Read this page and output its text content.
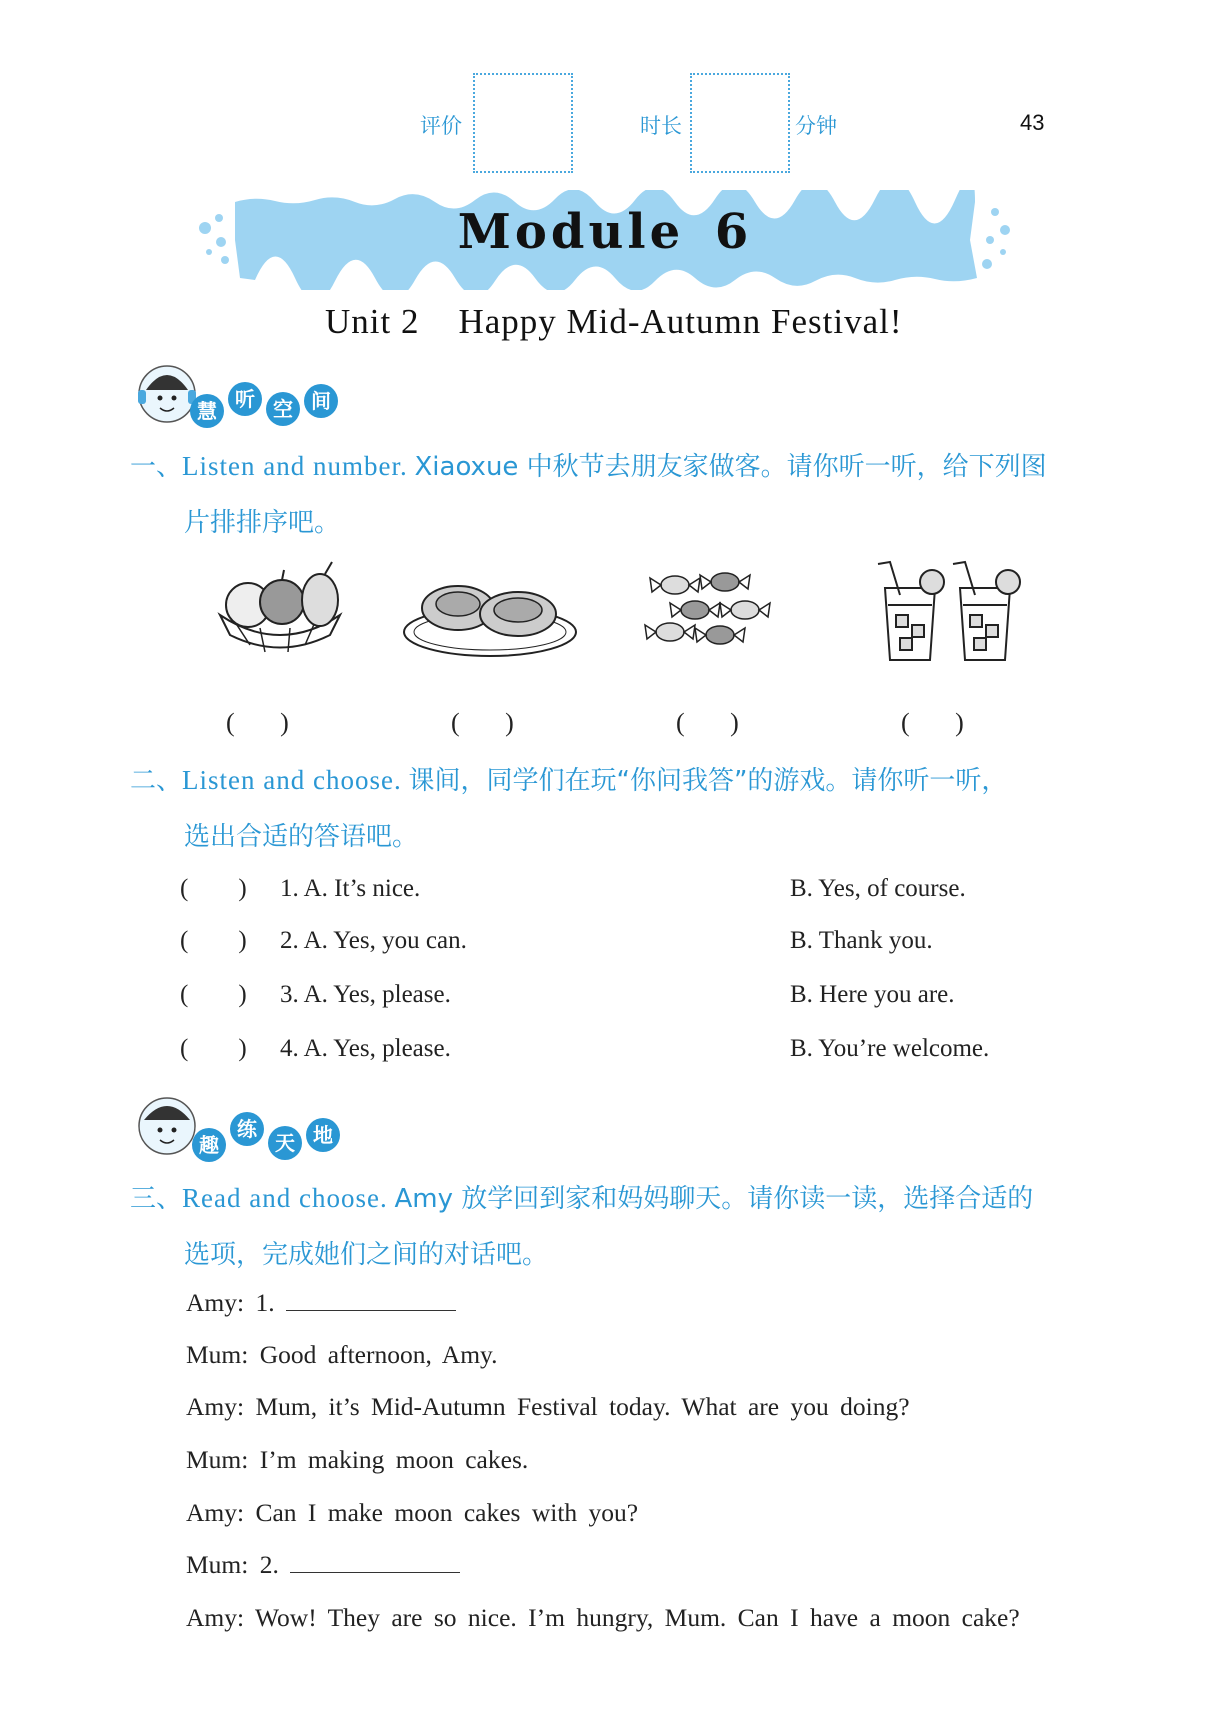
评价	时长	分钟	43
Module 6
Unit 2    Happy Mid-Autumn Festival!
慧 听 空 间
一、Listen and number. Xiaoxue 中秋节去朋友家做客。请你听一听，给下列图
片排排序吧。
(       )	(       )	(       )	(       )
二、Listen and choose. 课间，同学们在玩“你问我答”的游戏。请你听一听，
选出合适的答语吧。
(        ) 1. A. It’s nice.	B. Yes, of course.
(        ) 2. A. Yes, you can.	B. Thank you.
(        ) 3. A. Yes, please.	B. Here you are.
(        ) 4. A. Yes, please.	B. You’re welcome.
趣
练
天 地
三、Read and choose. Amy 放学回到家和妈妈聊天。请你读一读，选择合适的
选项，完成她们之间的对话吧。
Amy: 1.
Mum: Good afternoon, Amy.
Amy: Mum, it’s Mid-Autumn Festival today. What are you doing?
Mum: I’m making moon cakes.
Amy: Can I make moon cakes with you?
Mum: 2.
Amy: Wow! They are so nice. I’m hungry, Mum. Can I have a moon cake?
